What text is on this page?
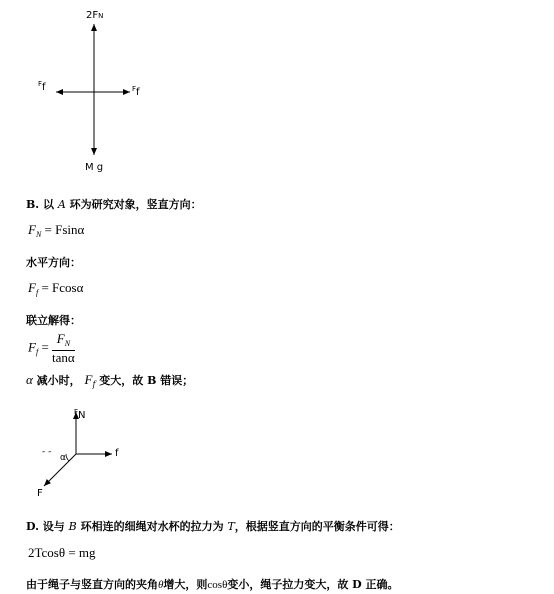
2FN
$^F$f	$^F$f
M g
B. 以 A 环为研究对象，竖直方向：
$F_N = Fsin\alpha$
水平方向：
$F_f = Fcos\alpha$
联立解得：
$F_f = \frac{F_N}{\tan\alpha}$
α 减小时， $F_f$ 变大，故 B 错误；
$^F$N
f
- -
α
F
D. 设与 B 环相连的细绳对水杯的拉力为 T，根据竖直方向的平衡条件可得：
2Tcosθ = mg
由于绳子与竖直方向的夹角θ增大，则cosθ变小，绳子拉力变大，故 D 正确。
